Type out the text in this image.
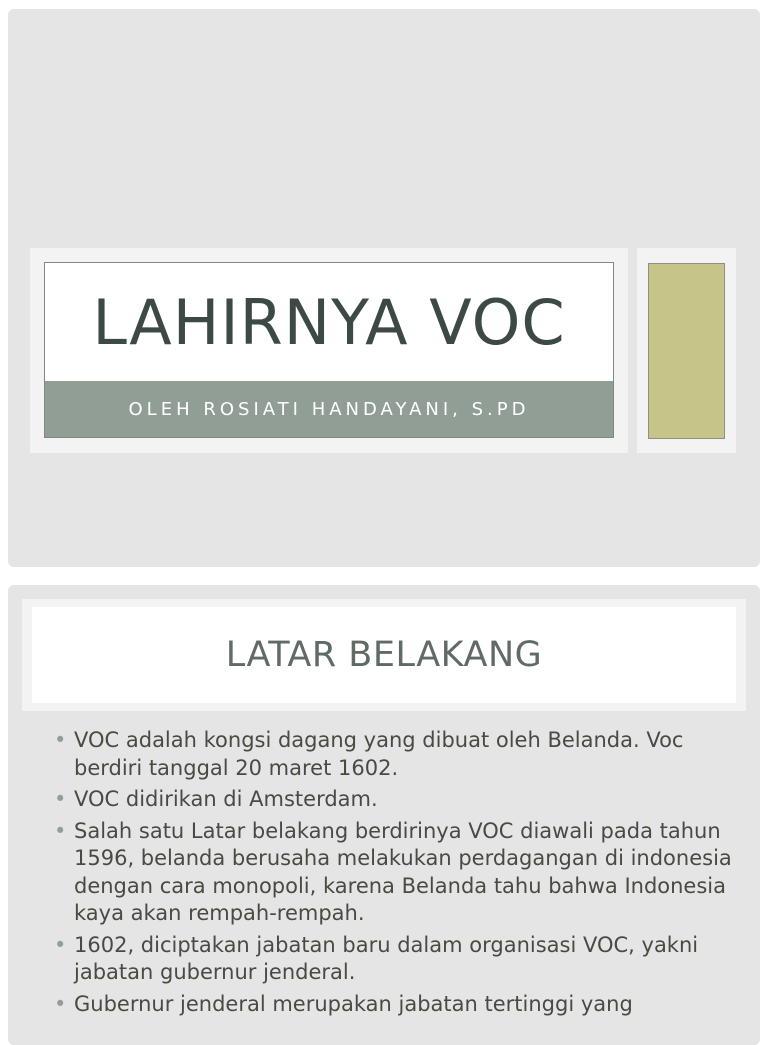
LAHIRNYA VOC
OLEH ROSIATI HANDAYANI, S.PD
LATAR BELAKANG
• VOC adalah kongsi dagang yang dibuat oleh Belanda. Voc berdiri tanggal 20 maret 1602.
• VOC didirikan di Amsterdam.
• Salah satu Latar belakang berdirinya VOC diawali pada tahun 1596, belanda berusaha melakukan perdagangan di indonesia dengan cara monopoli, karena Belanda tahu bahwa Indonesia kaya akan rempah-rempah.
• 1602, diciptakan jabatan baru dalam organisasi VOC, yakni jabatan gubernur jenderal.
• Gubernur jenderal merupakan jabatan tertinggi yang
